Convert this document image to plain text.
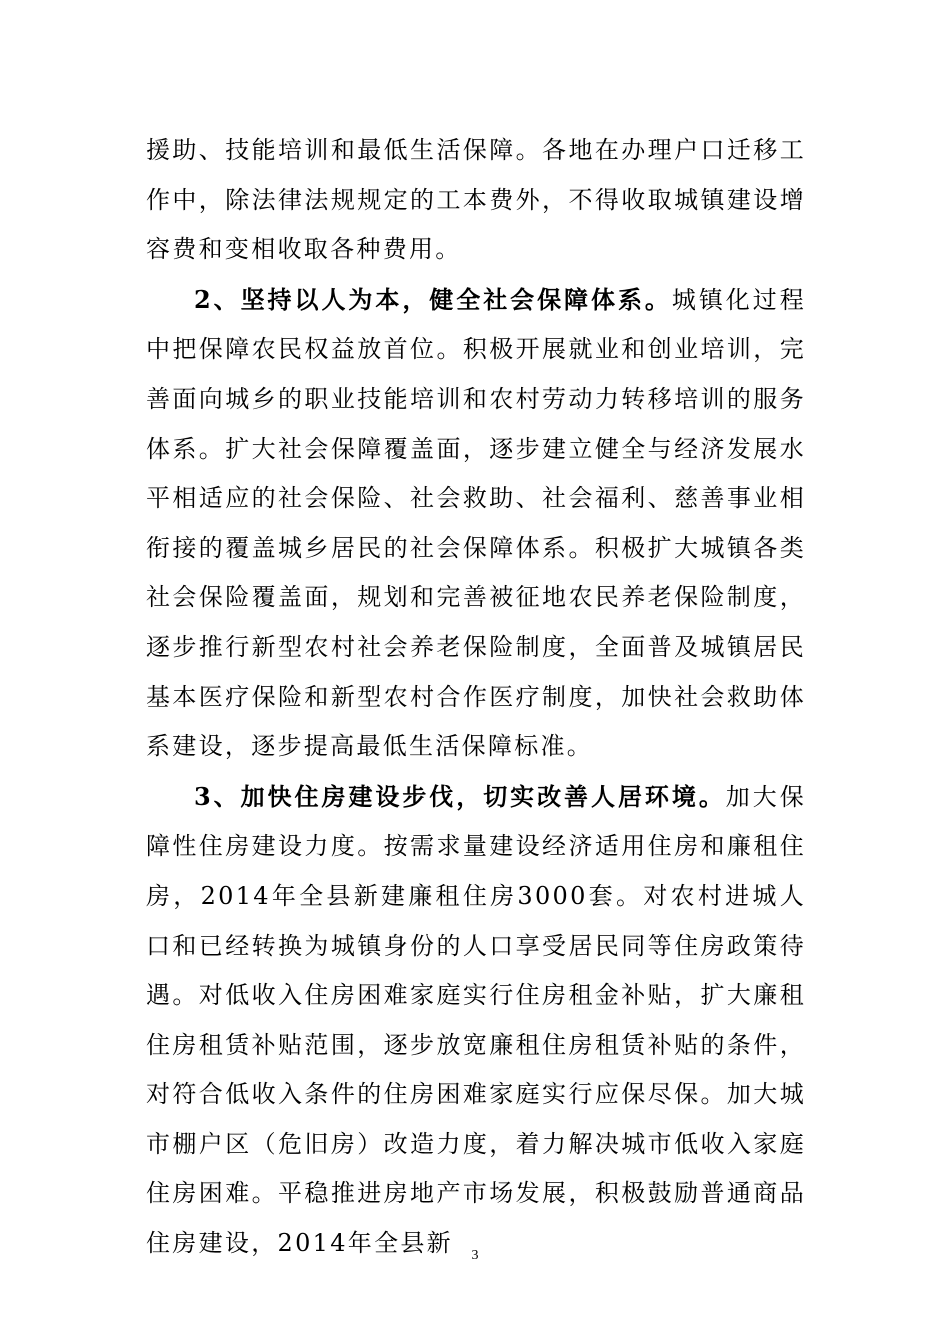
援助、技能培训和最低生活保障。各地在办理户口迁移工作中，除法律法规规定的工本费外，不得收取城镇建设增容费和变相收取各种费用。

2、坚持以人为本，健全社会保障体系。城镇化过程中把保障农民权益放首位。积极开展就业和创业培训，完善面向城乡的职业技能培训和农村劳动力转移培训的服务体系。扩大社会保障覆盖面，逐步建立健全与经济发展水平相适应的社会保险、社会救助、社会福利、慈善事业相衔接的覆盖城乡居民的社会保障体系。积极扩大城镇各类社会保险覆盖面，规划和完善被征地农民养老保险制度，逐步推行新型农村社会养老保险制度，全面普及城镇居民基本医疗保险和新型农村合作医疗制度，加快社会救助体系建设，逐步提高最低生活保障标准。

3、加快住房建设步伐，切实改善人居环境。加大保障性住房建设力度。按需求量建设经济适用住房和廉租住房，2014年全县新建廉租住房3000套。对农村进城人口和已经转换为城镇身份的人口享受居民同等住房政策待遇。对低收入住房困难家庭实行住房租金补贴，扩大廉租住房租赁补贴范围，逐步放宽廉租住房租赁补贴的条件，对符合低收入条件的住房困难家庭实行应保尽保。加大城市棚户区（危旧房）改造力度，着力解决城市低收入家庭住房困难。平稳推进房地产市场发展，积极鼓励普通商品住房建设，2014年全县新	3
